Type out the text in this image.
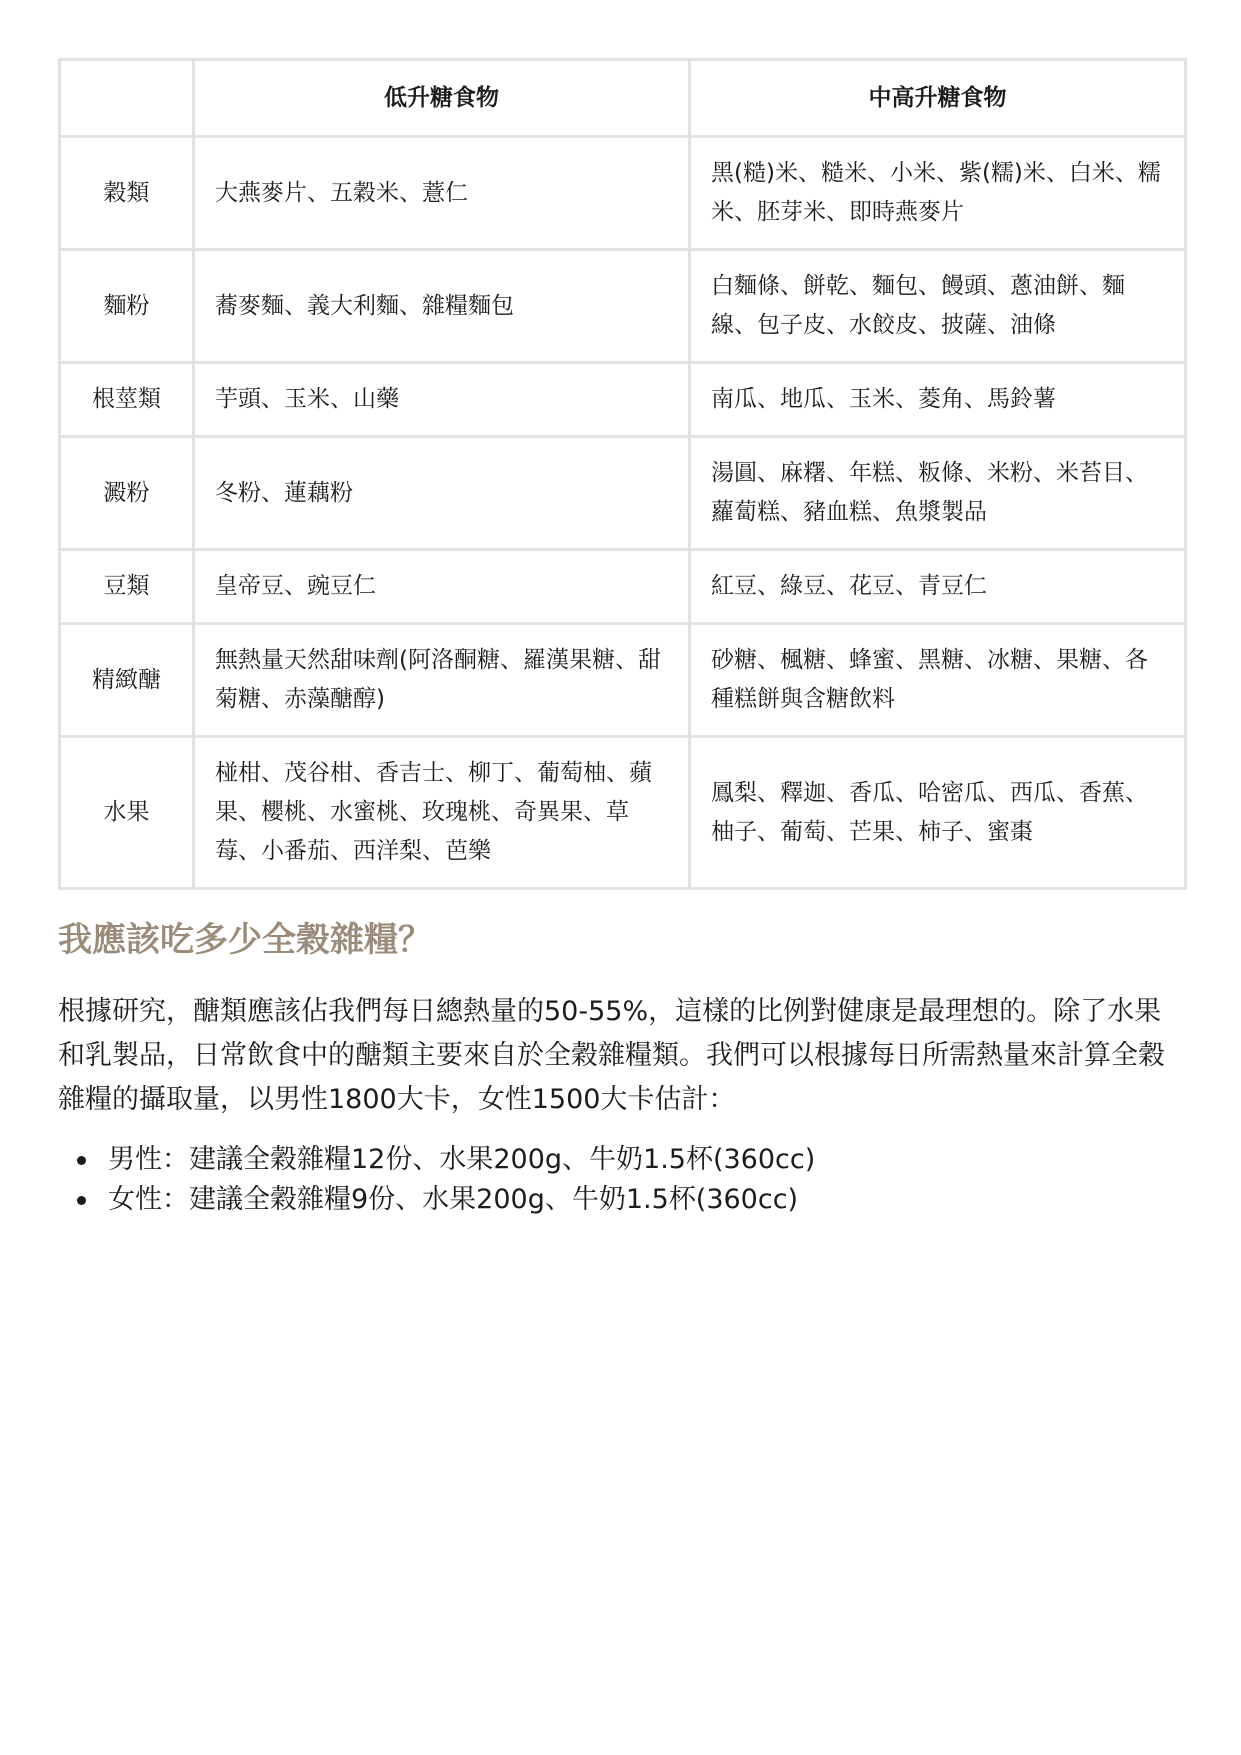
	低升糖食物	中高升糖食物
穀類	大燕麥片、五穀米、薏仁	黑(糙)米、糙米、小米、紫(糯)米、白米、糯米、胚芽米、即時燕麥片
麵粉	蕎麥麵、義大利麵、雜糧麵包	白麵條、餅乾、麵包、饅頭、蔥油餅、麵線、包子皮、水餃皮、披薩、油條
根莖類	芋頭、玉米、山藥	南瓜、地瓜、玉米、菱角、馬鈴薯
澱粉	冬粉、蓮藕粉	湯圓、麻糬、年糕、粄條、米粉、米苔目、蘿蔔糕、豬血糕、魚漿製品
豆類	皇帝豆、豌豆仁	紅豆、綠豆、花豆、青豆仁
精緻醣	無熱量天然甜味劑(阿洛酮糖、羅漢果糖、甜菊糖、赤藻醣醇)	砂糖、楓糖、蜂蜜、黑糖、冰糖、果糖、各種糕餅與含糖飲料
水果	椪柑、茂谷柑、香吉士、柳丁、葡萄柚、蘋果、櫻桃、水蜜桃、玫瑰桃、奇異果、草莓、小番茄、西洋梨、芭樂	鳳梨、釋迦、香瓜、哈密瓜、西瓜、香蕉、柚子、葡萄、芒果、柿子、蜜棗
我應該吃多少全穀雜糧？

根據研究，醣類應該佔我們每日總熱量的50-55%，這樣的比例對健康是最理想的。除了水果和乳製品，日常飲食中的醣類主要來自於全穀雜糧類。我們可以根據每日所需熱量來計算全穀雜糧的攝取量，以男性1800大卡，女性1500大卡估計：

男性：建議全穀雜糧12份、水果200g、牛奶1.5杯(360cc)
女性：建議全穀雜糧9份、水果200g、牛奶1.5杯(360cc)
